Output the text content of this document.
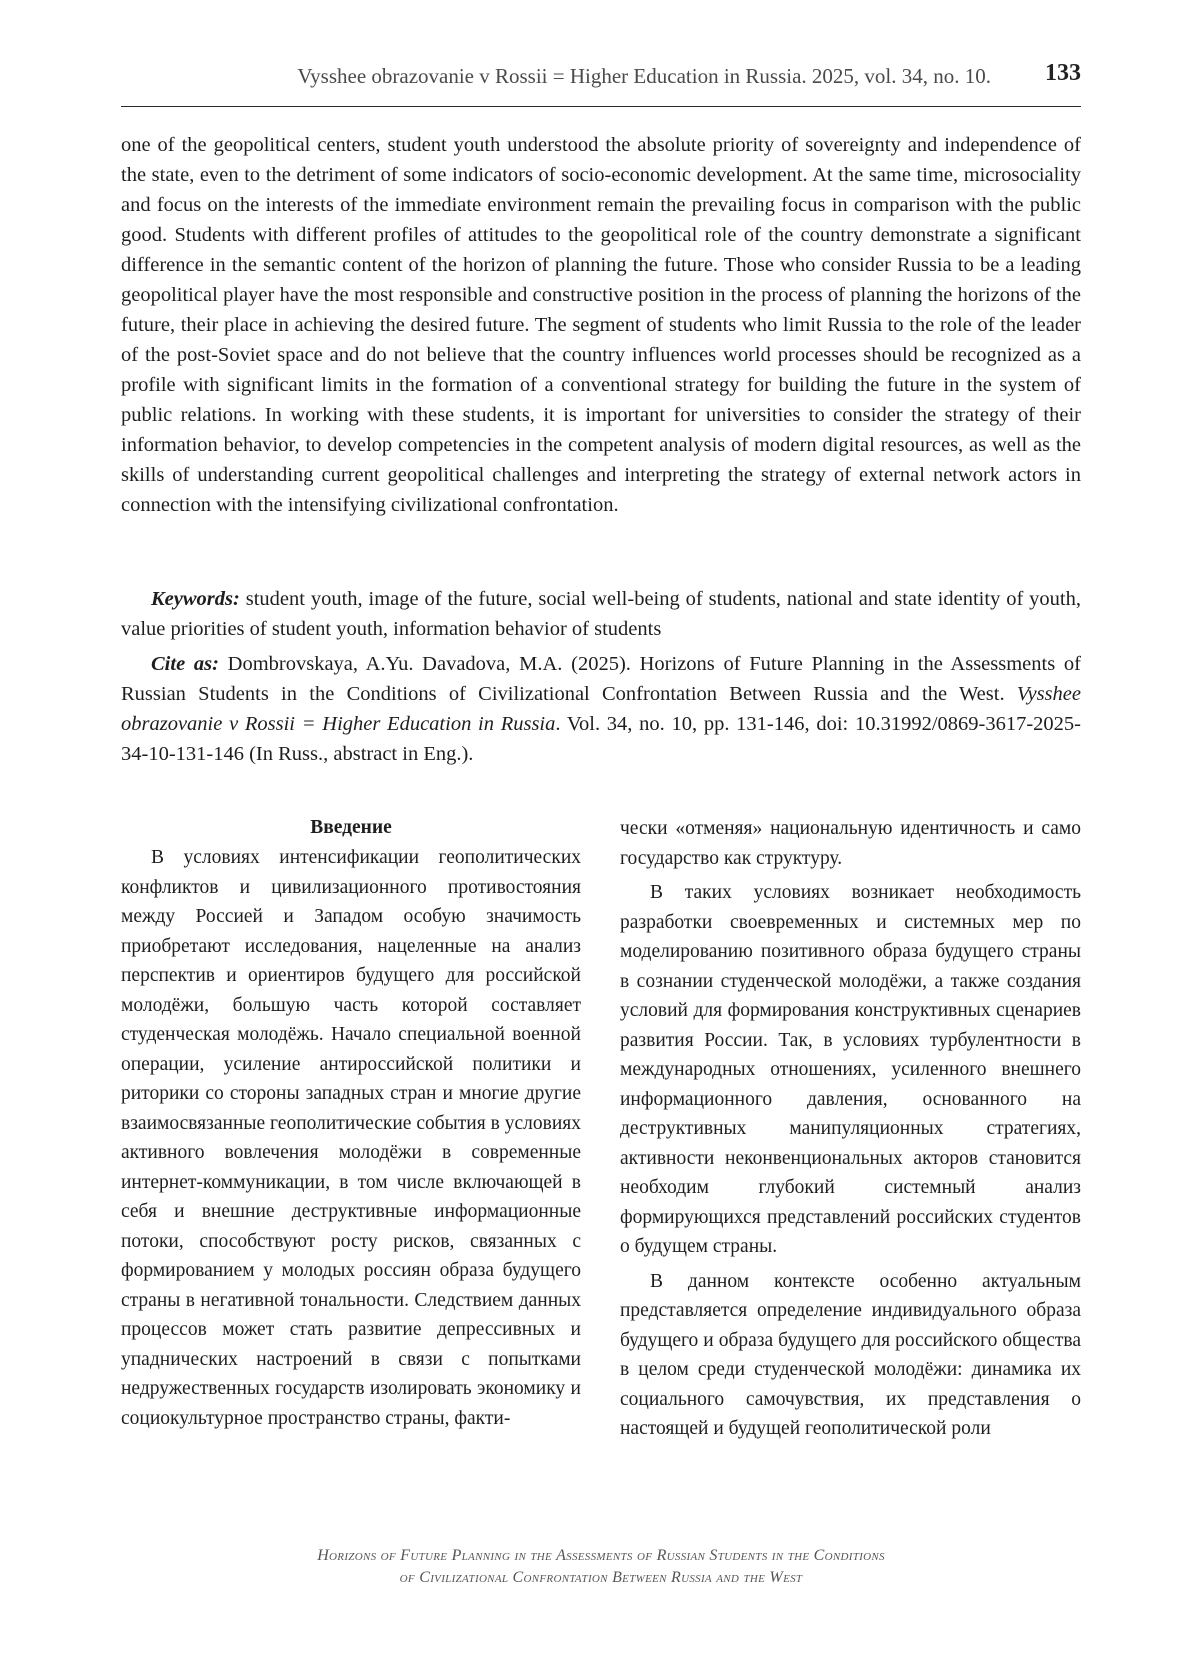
Vysshee obrazovanie v Rossii = Higher Education in Russia. 2025, vol. 34, no. 10. 133

one of the geopolitical centers, student youth understood the absolute priority of sovereignty and independence of the state, even to the detriment of some indicators of socio-economic development. At the same time, microsociality and focus on the interests of the immediate environment remain the prevailing focus in comparison with the public good. Students with different profiles of attitudes to the geopolitical role of the country demonstrate a significant difference in the semantic content of the horizon of planning the future. Those who consider Russia to be a leading geopolitical player have the most responsible and constructive position in the process of planning the horizons of the future, their place in achieving the desired future. The segment of students who limit Russia to the role of the leader of the post-Soviet space and do not believe that the country influences world processes should be recognized as a profile with significant limits in the formation of a conventional strategy for building the future in the system of public relations. In working with these students, it is important for universities to consider the strategy of their information behavior, to develop competencies in the competent analysis of modern digital resources, as well as the skills of understanding current geopolitical challenges and interpreting the strategy of external network actors in connection with the intensifying civilizational confrontation.

Keywords: student youth, image of the future, social well-being of students, national and state identity of youth, value priorities of student youth, information behavior of students

Cite as: Dombrovskaya, A.Yu. Davadova, M.A. (2025). Horizons of Future Planning in the Assessments of Russian Students in the Conditions of Civilizational Confrontation Between Russia and the West. Vysshee obrazovanie v Rossii = Higher Education in Russia. Vol. 34, no. 10, pp. 131-146, doi: 10.31992/0869-3617-2025-34-10-131-146 (In Russ., abstract in Eng.).

Введение

В условиях интенсификации геополитических конфликтов и цивилизационного противостояния между Россией и Западом особую значимость приобретают исследования, нацеленные на анализ перспектив и ориентиров будущего для российской молодёжи, большую часть которой составляет студенческая молодёжь. Начало специальной военной операции, усиление антироссийской политики и риторики со стороны западных стран и многие другие взаимосвязанные геополитические события в условиях активного вовлечения молодёжи в современные интернет-коммуникации, в том числе включающей в себя и внешние деструктивные информационные потоки, способствуют росту рисков, связанных с формированием у молодых россиян образа будущего страны в негативной тональности. Следствием данных процессов может стать развитие депрессивных и упаднических настроений в связи с попытками недружественных государств изолировать экономику и социокультурное пространство страны, факти-

чески «отменяя» национальную идентичность и само государство как структуру.

В таких условиях возникает необходимость разработки своевременных и системных мер по моделированию позитивного образа будущего страны в сознании студенческой молодёжи, а также создания условий для формирования конструктивных сценариев развития России. Так, в условиях турбулентности в международных отношениях, усиленного внешнего информационного давления, основанного на деструктивных манипуляционных стратегиях, активности неконвенциональных акторов становится необходим глубокий системный анализ формирующихся представлений российских студентов о будущем страны.

В данном контексте особенно актуальным представляется определение индивидуального образа будущего и образа будущего для российского общества в целом среди студенческой молодёжи: динамика их социального самочувствия, их представления о настоящей и будущей геополитической роли

Horizons of Future Planning in the Assessments of Russian Students in the Conditions
of Civilizational Confrontation Between Russia and the West
